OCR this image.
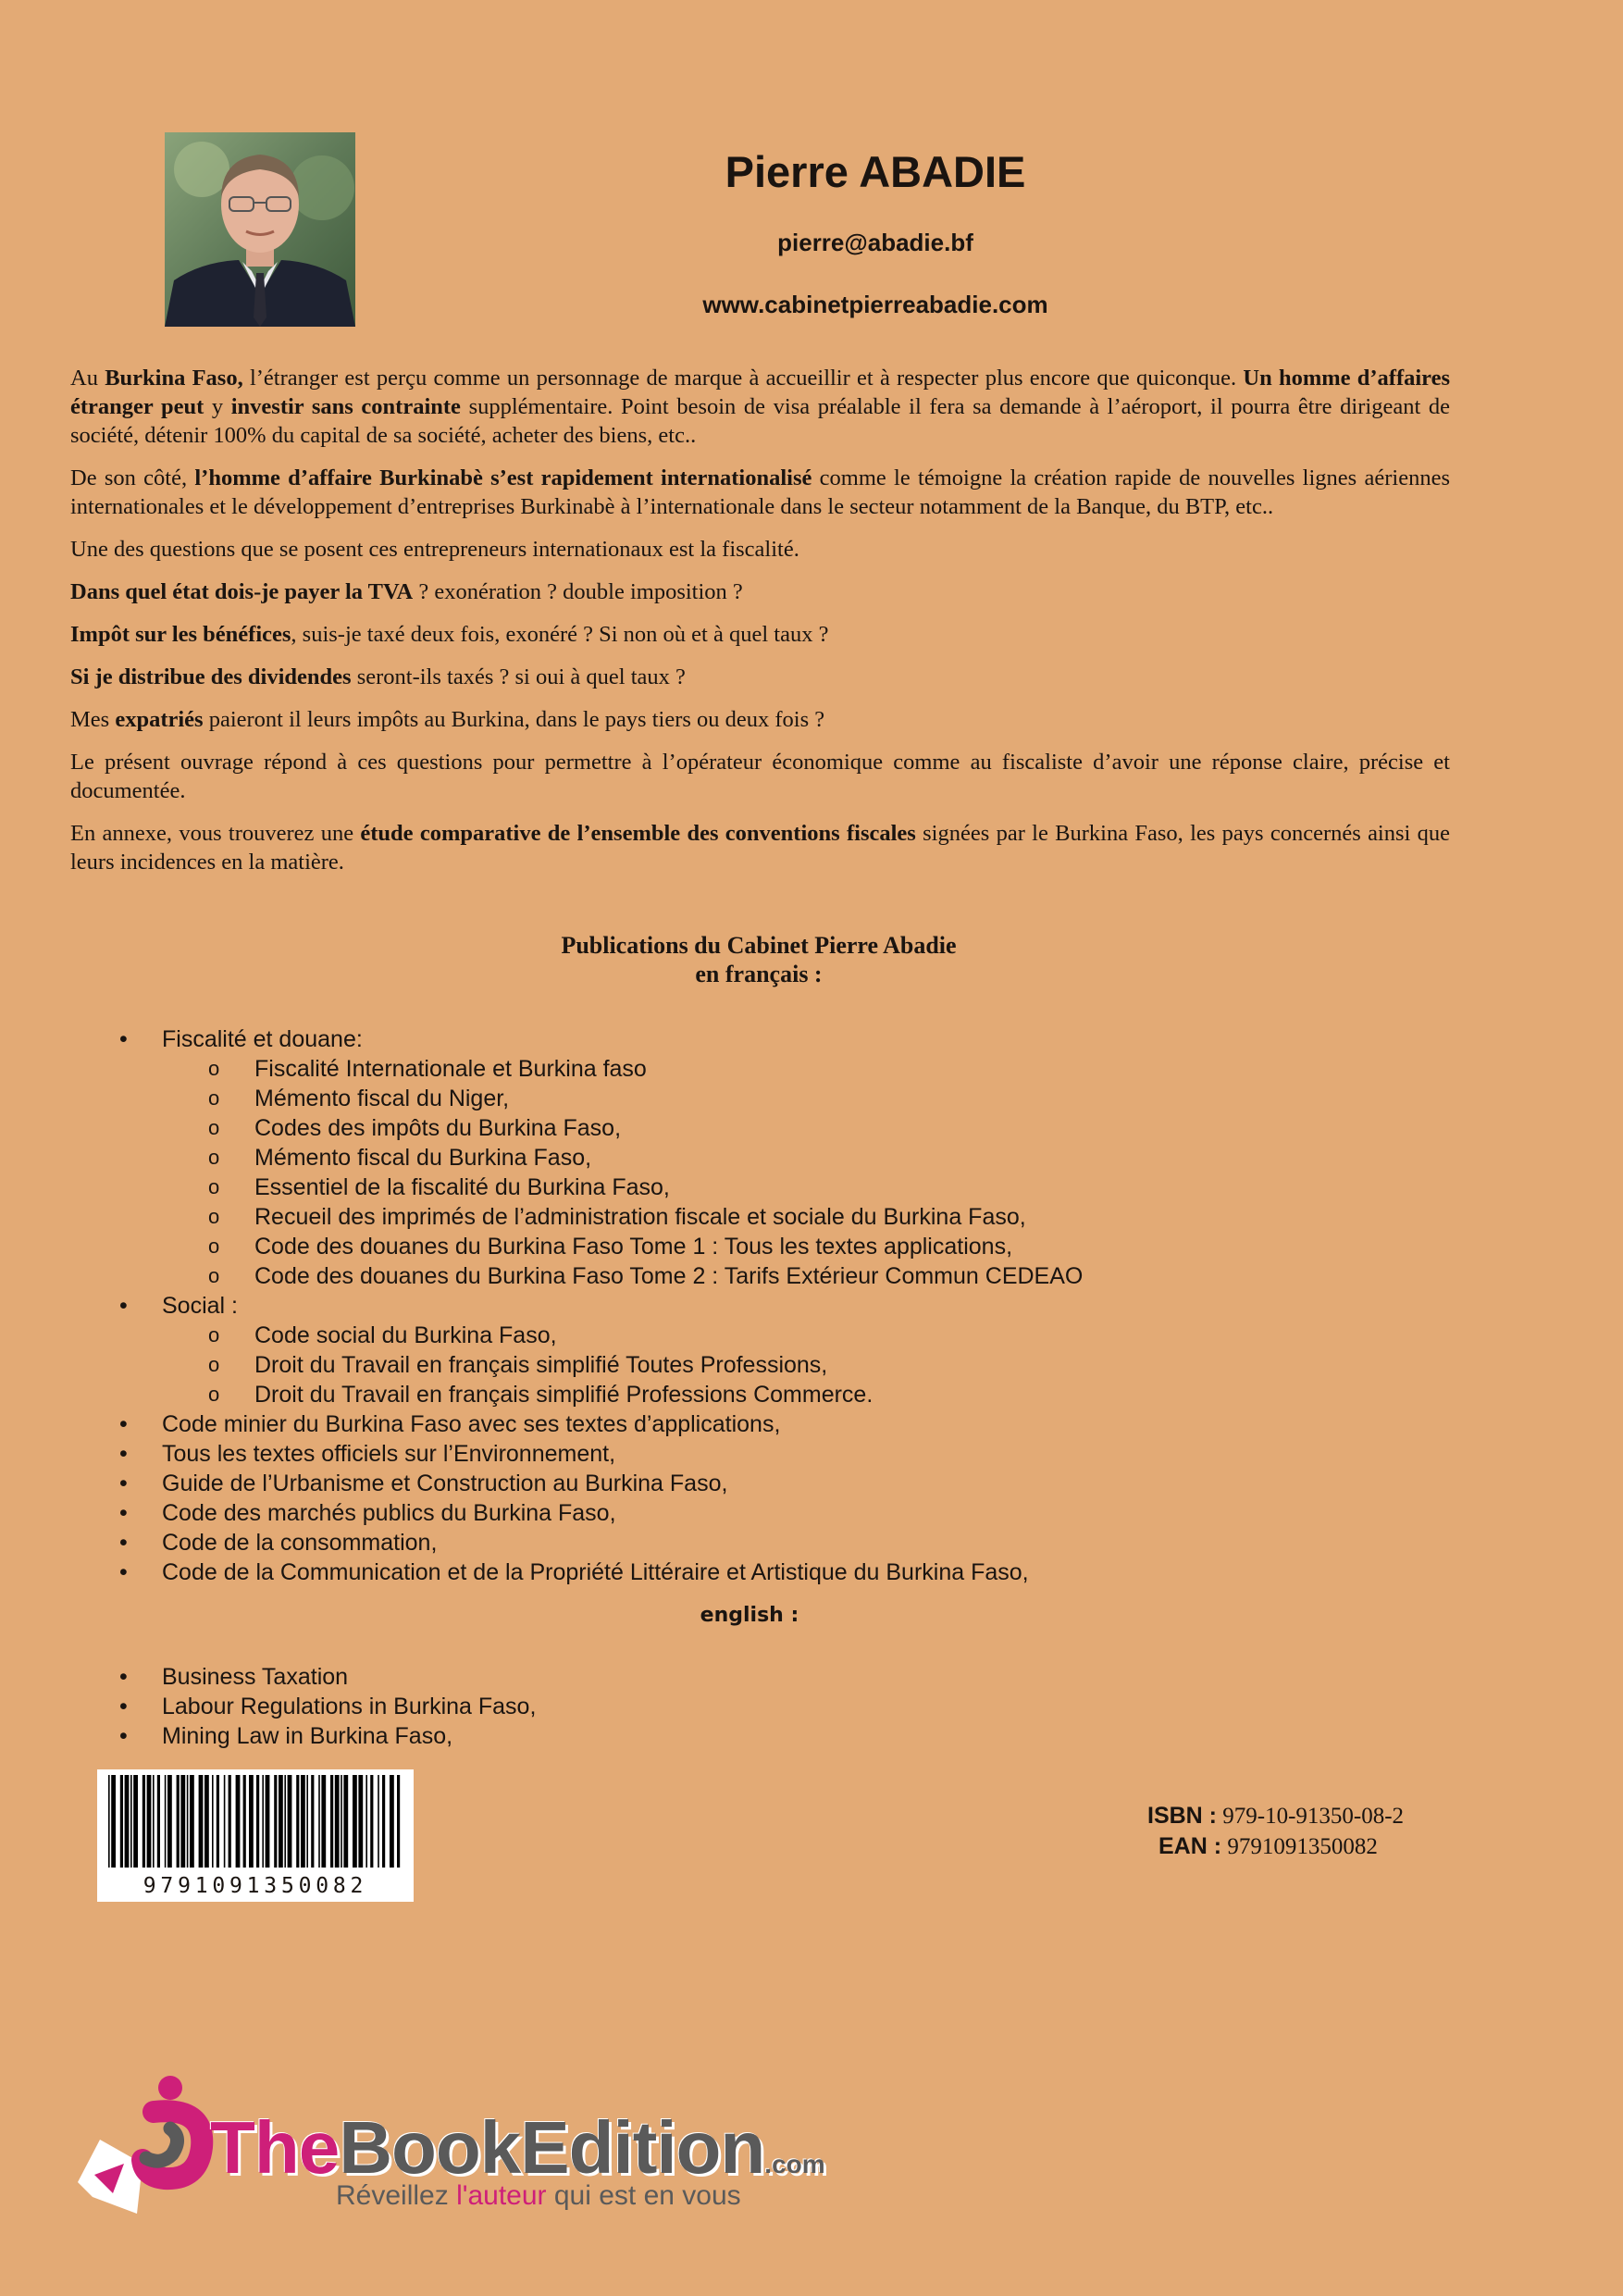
Pierre ABADIE
pierre@abadie.bf
www.cabinetpierreabadie.com

Au Burkina Faso, l’étranger est perçu comme un personnage de marque à accueillir et à respecter plus encore que quiconque. Un homme d’affaires étranger peut y investir sans contrainte supplémentaire. Point besoin de visa préalable il fera sa demande à l’aéroport, il pourra être dirigeant de société, détenir 100% du capital de sa société, acheter des biens, etc..

De son côté, l’homme d’affaire Burkinabè s’est rapidement internationalisé comme le témoigne la création rapide de nouvelles lignes aériennes internationales et le développement d’entreprises Burkinabè à l’internationale dans le secteur notamment de la Banque, du BTP, etc..

Une des questions que se posent ces entrepreneurs internationaux est la fiscalité.

Dans quel état dois-je payer la TVA ? exonération ? double imposition ?

Impôt sur les bénéfices, suis-je taxé deux fois, exonéré ? Si non où et à quel taux ?

Si je distribue des dividendes seront-ils taxés ? si oui à quel taux ?

Mes expatriés paieront il leurs impôts au Burkina, dans le pays tiers ou deux fois ?

Le présent ouvrage répond à ces questions pour permettre à l’opérateur économique comme au fiscaliste d’avoir une réponse claire, précise et documentée.

En annexe, vous trouverez une étude comparative de l’ensemble des conventions fiscales signées par le Burkina Faso, les pays concernés ainsi que leurs incidences en la matière.

Publications du Cabinet Pierre Abadie
en français :
• Fiscalité et douane:
o Fiscalité Internationale et Burkina faso
o Mémento fiscal du Niger,
o Codes des impôts du Burkina Faso,
o Mémento fiscal du Burkina Faso,
o Essentiel de la fiscalité du Burkina Faso,
o Recueil des imprimés de l’administration fiscale et sociale du Burkina Faso,
o Code des douanes du Burkina Faso Tome 1 : Tous les textes applications,
o Code des douanes du Burkina Faso Tome 2 : Tarifs Extérieur Commun CEDEAO
• Social :
o Code social du Burkina Faso,
o Droit du Travail en français simplifié Toutes Professions,
o Droit du Travail en français simplifié Professions Commerce.
• Code minier du Burkina Faso avec ses textes d’applications,
• Tous les textes officiels sur l’Environnement,
• Guide de l’Urbanisme et Construction au Burkina Faso,
• Code des marchés publics du Burkina Faso,
• Code de la consommation,
• Code de la Communication et de la Propriété Littéraire et Artistique du Burkina Faso,
english :
• Business Taxation
• Labour Regulations in Burkina Faso,
• Mining Law in Burkina Faso,
9791091350082
ISBN : 979-10-91350-08-2
EAN : 9791091350082
TheBookEdition.com
Réveillez l'auteur qui est en vous
